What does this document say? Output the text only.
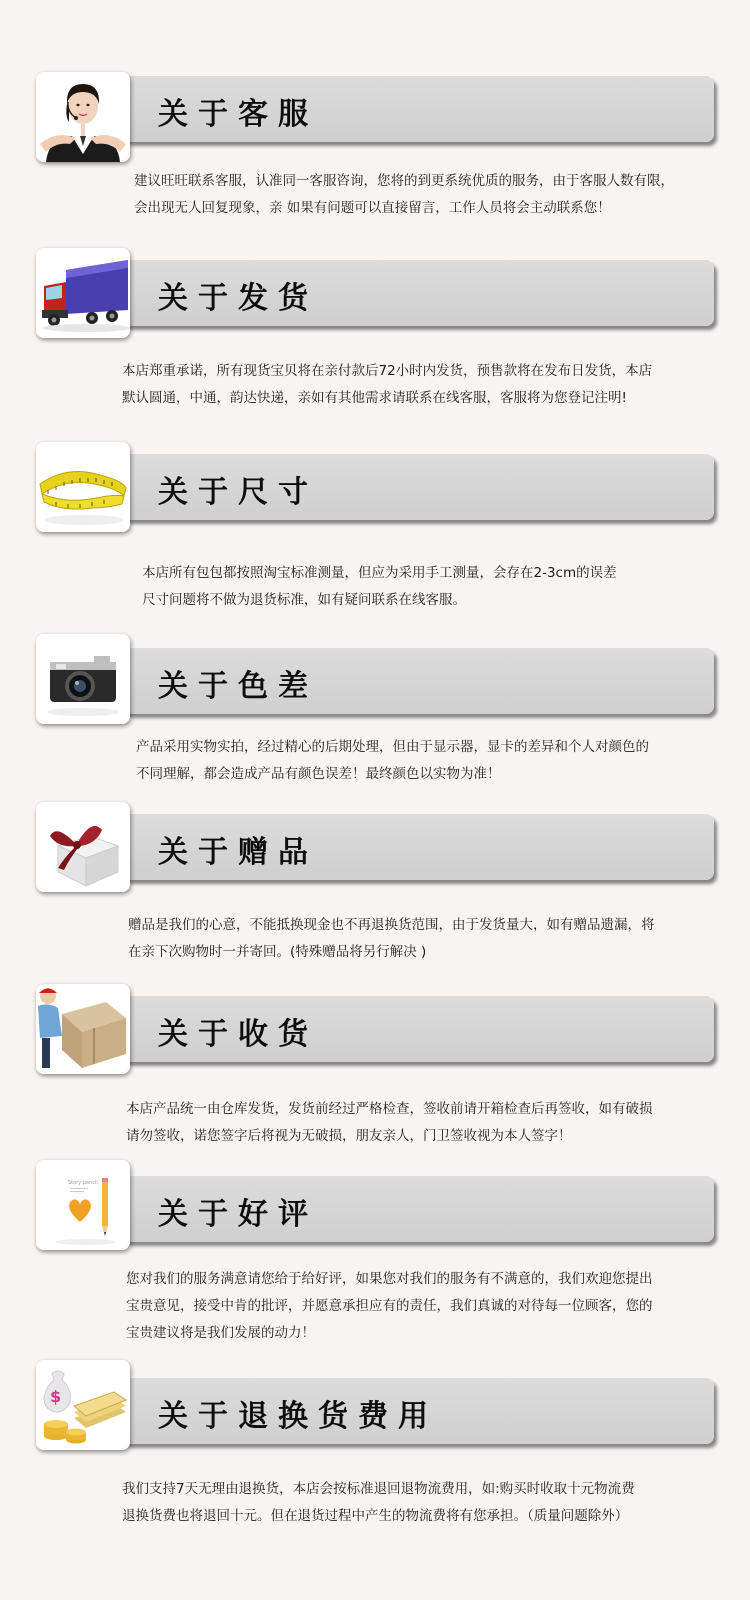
关于客服

建议旺旺联系客服，认准同一客服咨询，您将的到更系统优质的服务，由于客服人数有限，

会出现无人回复现象，亲 如果有问题可以直接留言，工作人员将会主动联系您！

关于发货

本店郑重承诺，所有现货宝贝将在亲付款后72小时内发货，预售款将在发布日发货，本店

默认圆通，中通，韵达快递，亲如有其他需求请联系在线客服，客服将为您登记注明!

关于尺寸

本店所有包包都按照淘宝标准测量，但应为采用手工测量，会存在2-3cm的误差

尺寸问题将不做为退货标准，如有疑问联系在线客服。

关于色差

产品采用实物实拍，经过精心的后期处理，但由于显示器，显卡的差异和个人对颜色的

不同理解，都会造成产品有颜色误差！最终颜色以实物为准！

关于赠品

赠品是我们的心意，不能抵换现金也不再退换货范围，由于发货量大，如有赠品遗漏，将

在亲下次购物时一并寄回。(特殊赠品将另行解决 )

关于收货

本店产品统一由仓库发货，发货前经过严格检查，签收前请开箱检查后再签收，如有破损

请勿签收，诺您签字后将视为无破损，朋友亲人，门卫签收视为本人签字！

Story pencil
关于好评

您对我们的服务满意请您给于给好评，如果您对我们的服务有不满意的，我们欢迎您提出

宝贵意见，接受中肯的批评，并愿意承担应有的责任，我们真诚的对待每一位顾客，您的

宝贵建议将是我们发展的动力！

$
关于退换货费用

我们支持7天无理由退换货，本店会按标准退回退物流费用，如:购买时收取十元物流费

退换货费也将退回十元。但在退货过程中产生的物流费将有您承担。（质量问题除外）
